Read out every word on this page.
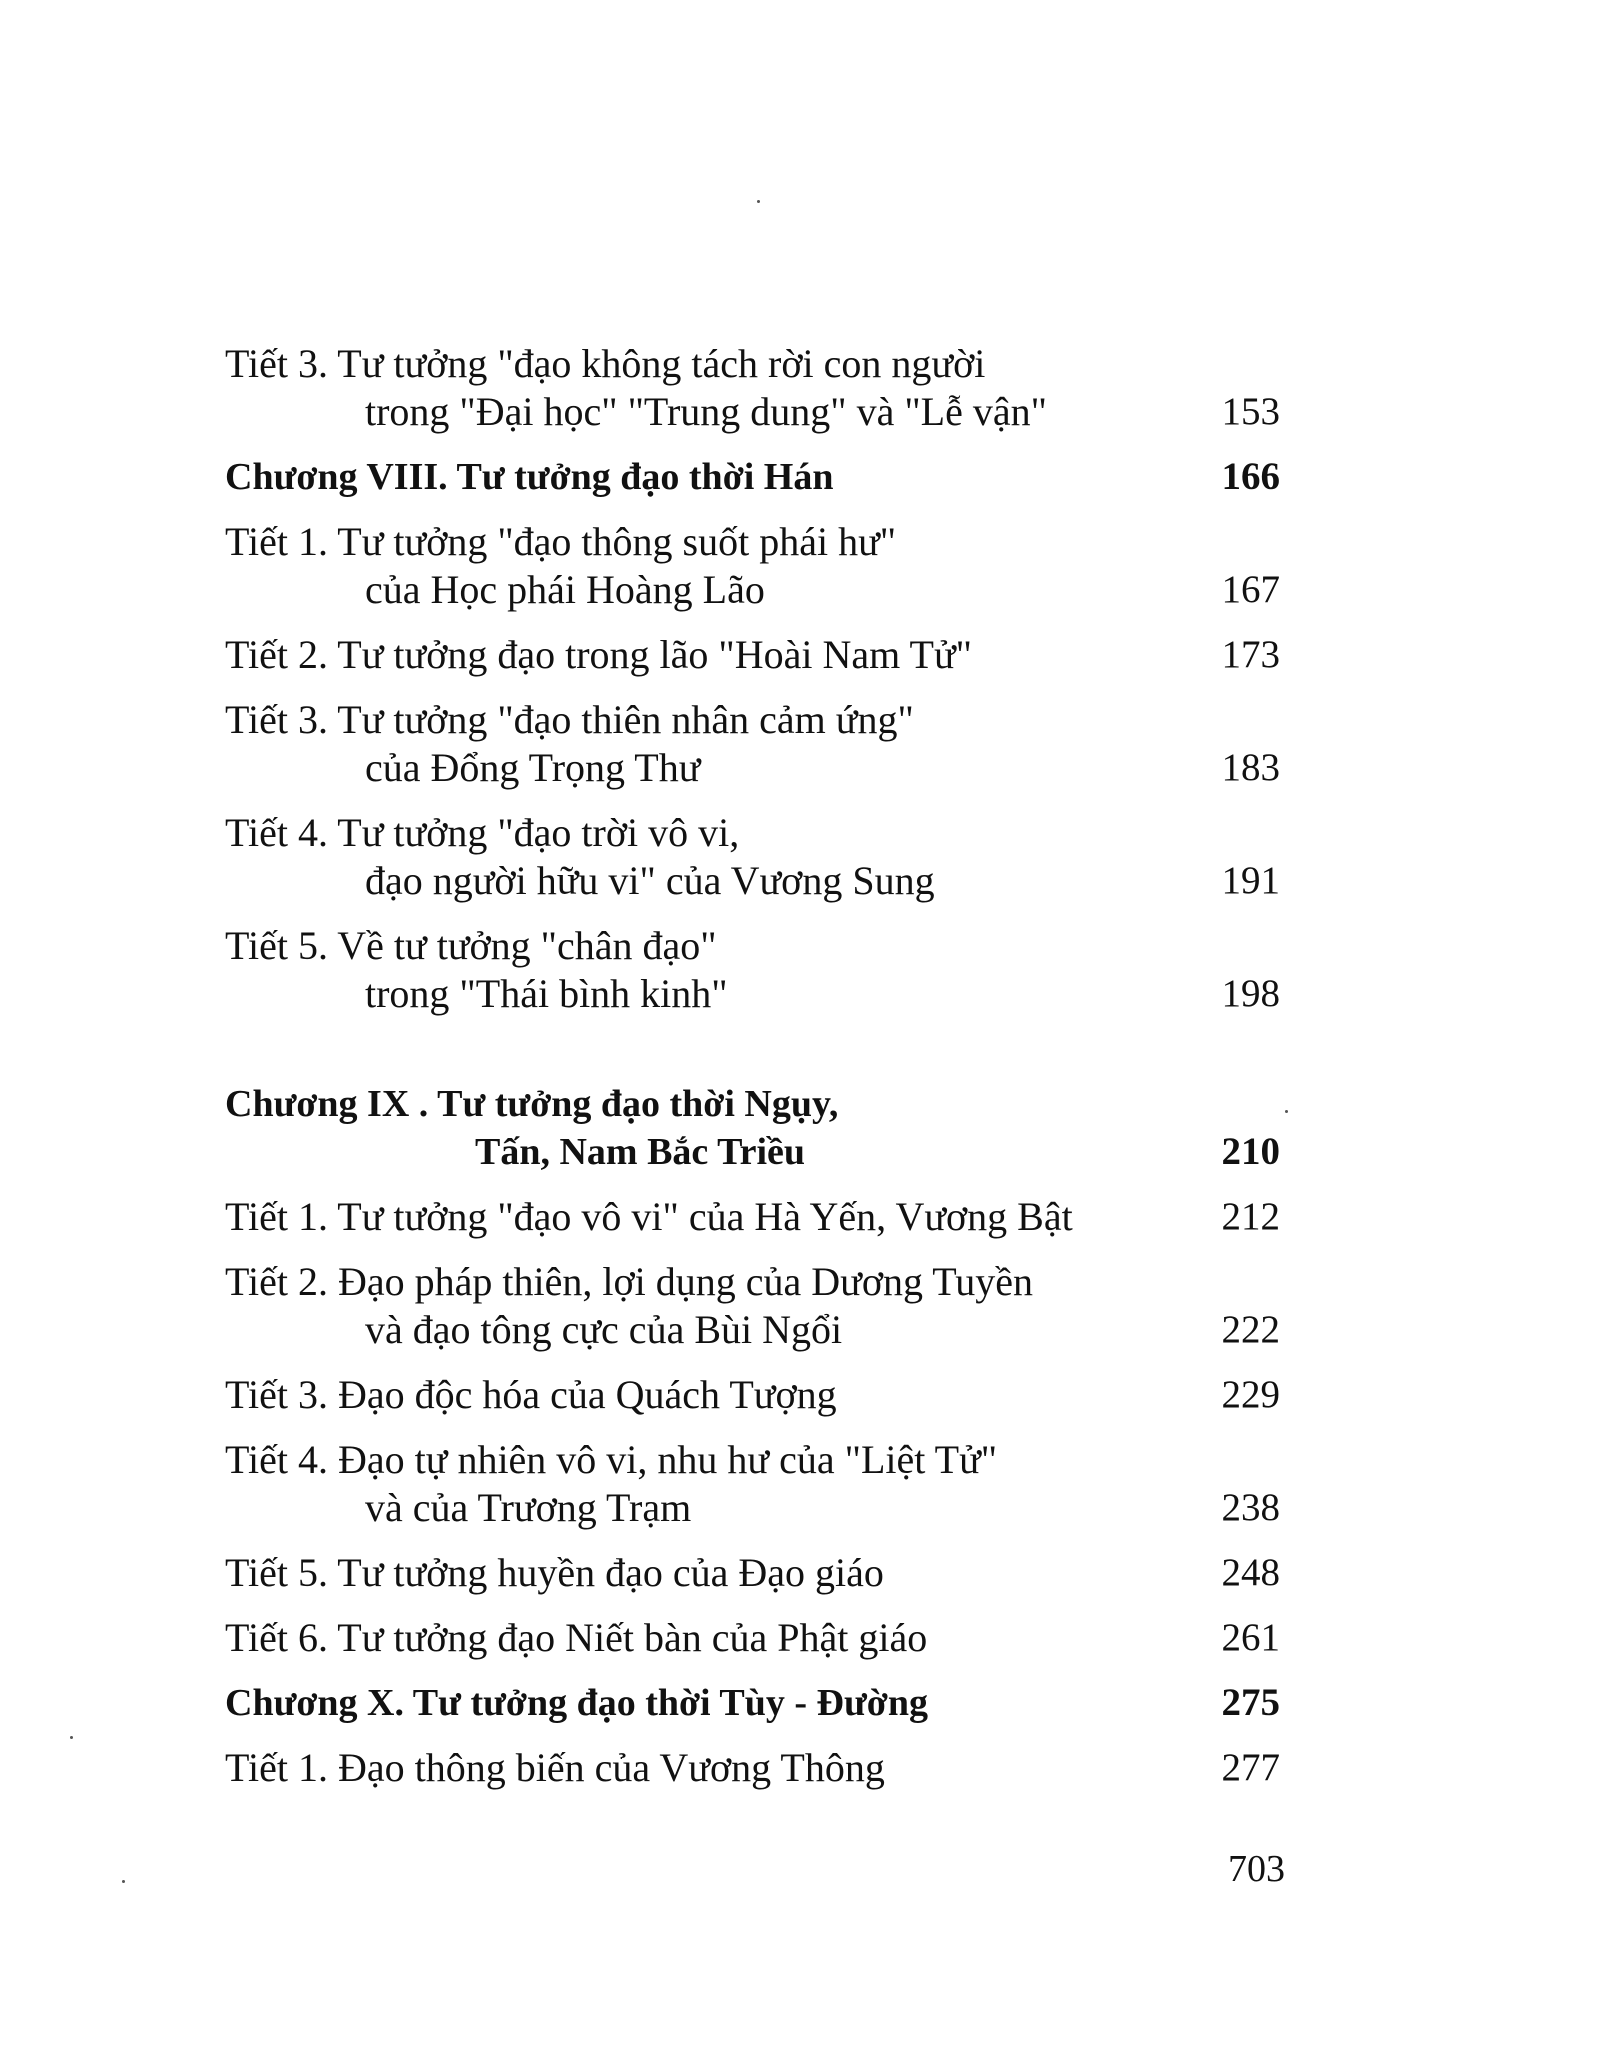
Tiết 3. Tư tưởng "đạo không tách rời con người
trong "Đại học" "Trung dung" và "Lễ vận"	153
Chương VIII. Tư tưởng đạo thời Hán	166
Tiết 1. Tư tưởng "đạo thông suốt phái hư"
của Học phái Hoàng Lão	167
Tiết 2. Tư tưởng đạo trong lão "Hoài Nam Tử"	173
Tiết 3. Tư tưởng "đạo thiên nhân cảm ứng"
của Đổng Trọng Thư	183
Tiết 4. Tư tưởng "đạo trời vô vi,
đạo người hữu vi" của Vương Sung	191
Tiết 5. Về tư tưởng "chân đạo"
trong "Thái bình kinh"	198
Chương IX . Tư tưởng đạo thời Ngụy,
Tấn, Nam Bắc Triều	210
Tiết 1. Tư tưởng "đạo vô vi" của Hà Yến, Vương Bật	212
Tiết 2. Đạo pháp thiên, lợi dụng của Dương Tuyền
và đạo tông cực của Bùi Ngổi	222
Tiết 3. Đạo độc hóa của Quách Tượng	229
Tiết 4. Đạo tự nhiên vô vi, nhu hư của "Liệt Tử"
và của Trương Trạm	238
Tiết 5. Tư tưởng huyền đạo của Đạo giáo	248
Tiết 6. Tư tưởng đạo Niết bàn của Phật giáo	261
Chương X. Tư tưởng đạo thời Tùy - Đường	275
Tiết 1. Đạo thông biến của Vương Thông	277
703
